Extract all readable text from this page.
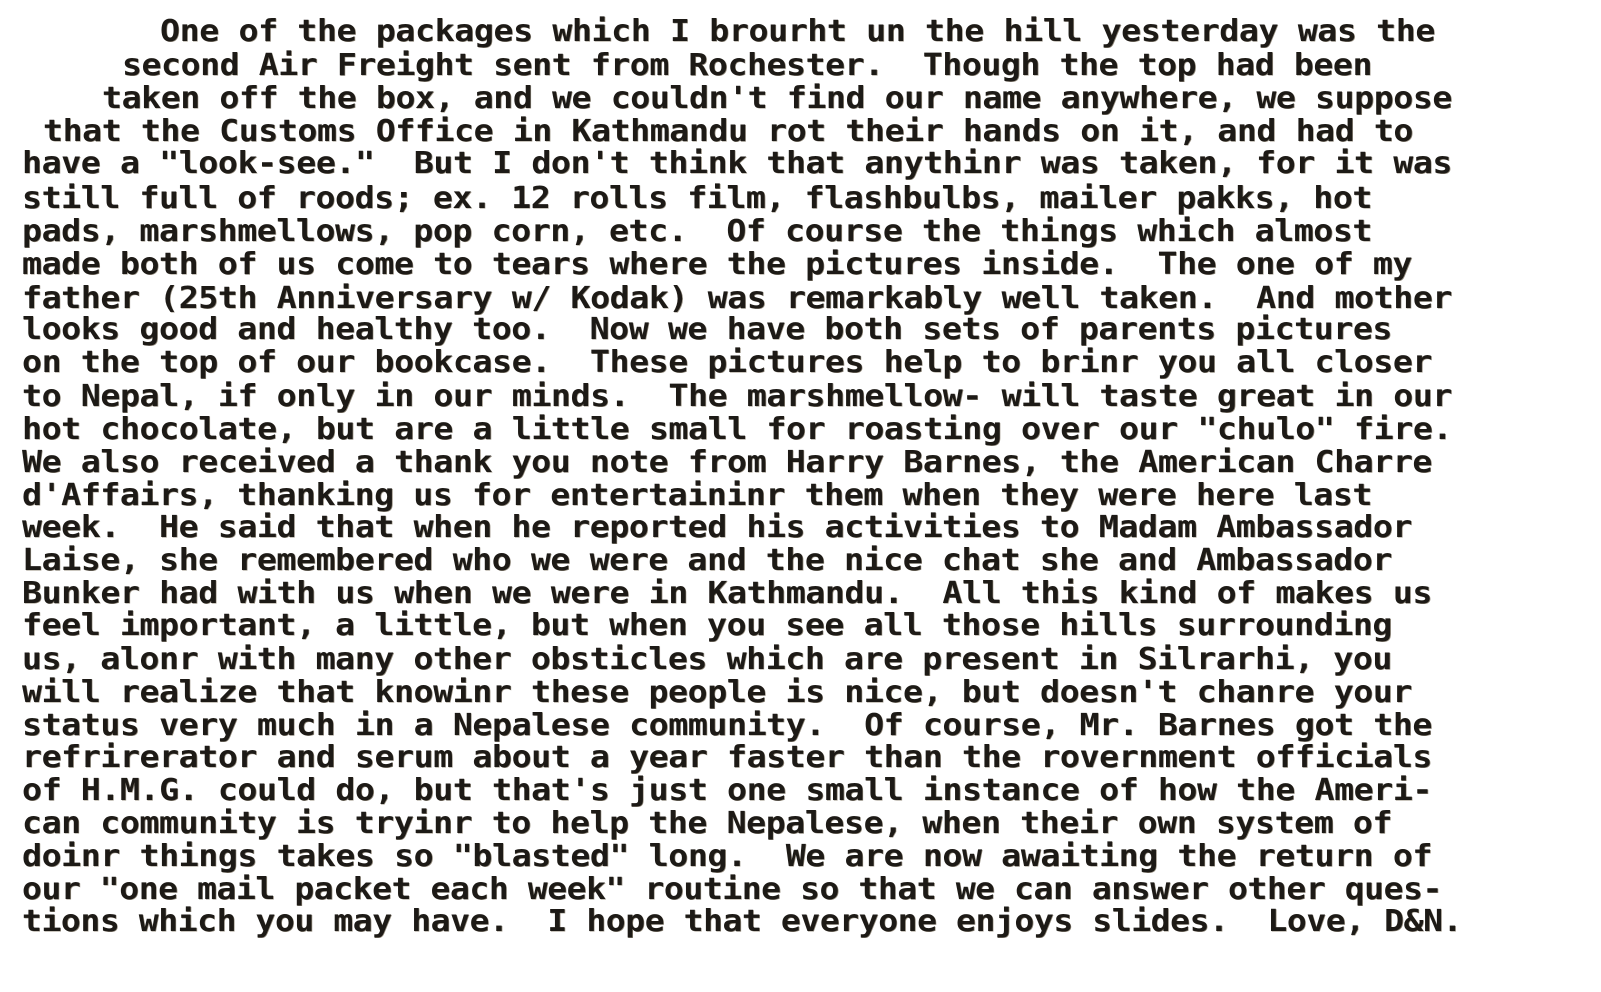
One of the packages which I brourht un the hill yesterday was the
second Air Freight sent from Rochester.  Though the top had been
taken off the box, and we couldn't find our name anywhere, we suppose
that the Customs Office in Kathmandu rot their hands on it, and had to
have a "look-see."  But I don't think that anythinr was taken, for it was
still full of roods; ex. 12 rolls film, flashbulbs, mailer pakks, hot
pads, marshmellows, pop corn, etc.  Of course the things which almost
made both of us come to tears where the pictures inside.  The one of my
father (25th Anniversary w/ Kodak) was remarkably well taken.  And mother
looks good and healthy too.  Now we have both sets of parents pictures
on the top of our bookcase.  These pictures help to brinr you all closer
to Nepal, if only in our minds.  The marshmellow- will taste great in our
hot chocolate, but are a little small for roasting over our "chulo" fire.
We also received a thank you note from Harry Barnes, the American Charre
d'Affairs, thanking us for entertaininr them when they were here last
week.  He said that when he reported his activities to Madam Ambassador
Laise, she remembered who we were and the nice chat she and Ambassador
Bunker had with us when we were in Kathmandu.  All this kind of makes us
feel important, a little, but when you see all those hills surrounding
us, alonr with many other obsticles which are present in Silrarhi, you
will realize that knowinr these people is nice, but doesn't chanre your
status very much in a Nepalese community.  Of course, Mr. Barnes got the
refrirerator and serum about a year faster than the rovernment officials
of H.M.G. could do, but that's just one small instance of how the Ameri-
can community is tryinr to help the Nepalese, when their own system of
doinr things takes so "blasted" long.  We are now awaiting the return of
our "one mail packet each week" routine so that we can answer other ques-
tions which you may have.  I hope that everyone enjoys slides.  Love, D&N.
